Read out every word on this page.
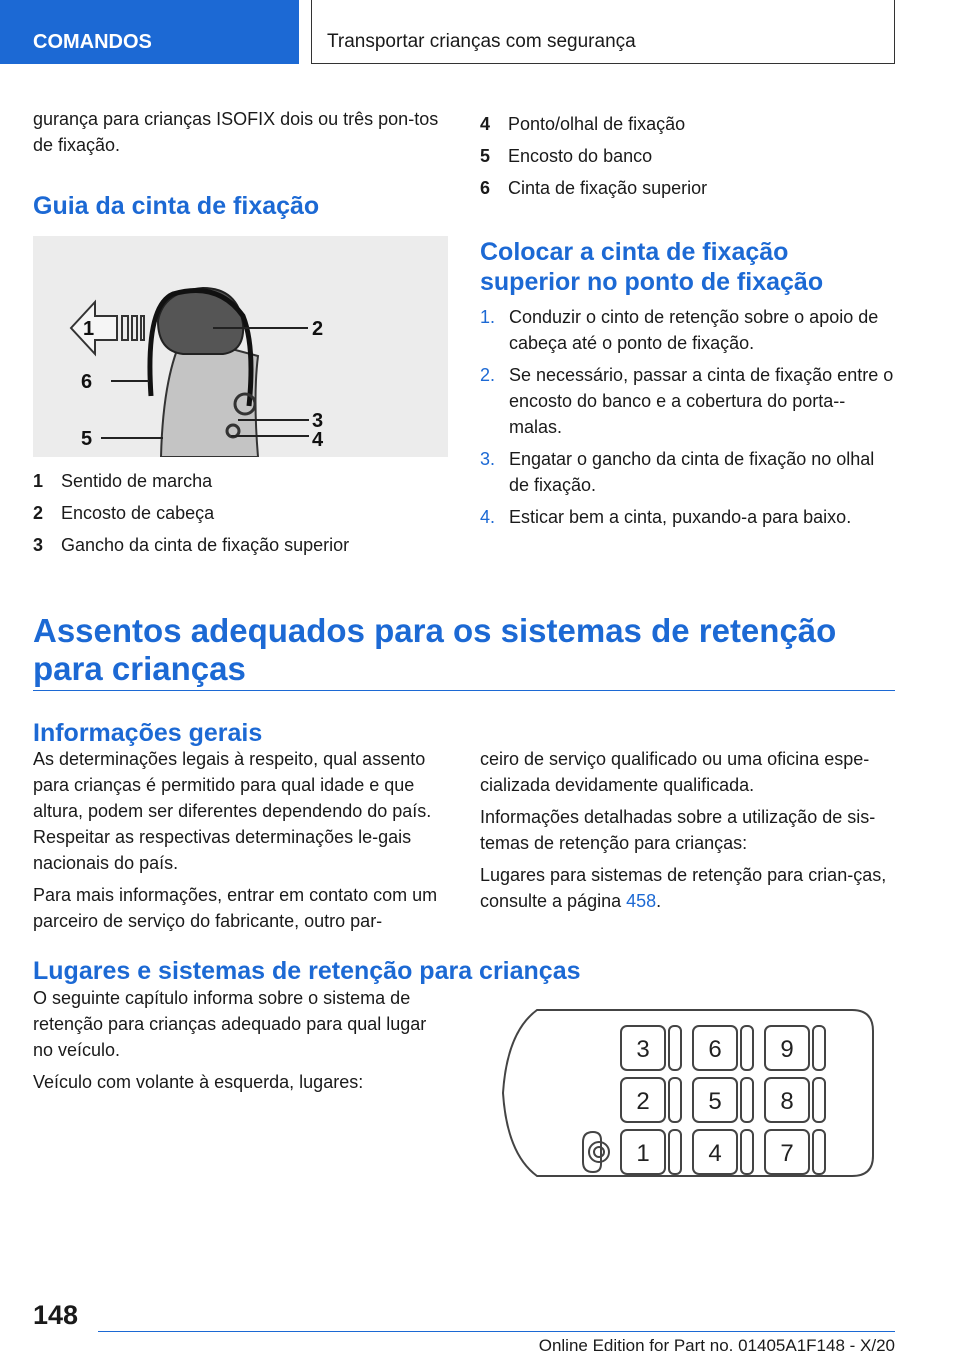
COMANDOS	Transportar crianças com segurança

gurança para crianças ISOFIX dois ou três pon-tos de fixação.

Guia da cinta de fixação
1	2
3
4
5
6
1 Sentido de marcha
2 Encosto de cabeça
3 Gancho da cinta de fixação superior
4 Ponto/olhal de fixação
5 Encosto do banco
6 Cinta de fixação superior
Colocar a cinta de fixação superior no ponto de fixação
1. Conduzir o cinto de retenção sobre o apoio de cabeça até o ponto de fixação.
2. Se necessário, passar a cinta de fixação entre o encosto do banco e a cobertura do porta--malas.
3. Engatar o gancho da cinta de fixação no olhal de fixação.
4. Esticar bem a cinta, puxando-a para baixo.
Assentos adequados para os sistemas de retenção para crianças
Informações gerais

As determinações legais à respeito, qual assento para crianças é permitido para qual idade e que altura, podem ser diferentes dependendo do país. Respeitar as respectivas determinações le-gais nacionais do país.

Para mais informações, entrar em contato com um parceiro de serviço do fabricante, outro par-

ceiro de serviço qualificado ou uma oficina espe-cializada devidamente qualificada.

Informações detalhadas sobre a utilização de sis-temas de retenção para crianças:

Lugares para sistemas de retenção para crian-ças, consulte a página 458.

Lugares e sistemas de retenção para crianças

O seguinte capítulo informa sobre o sistema de retenção para crianças adequado para qual lugar no veículo.

Veículo com volante à esquerda, lugares:

3 6 9
2 5 8
1 4 7
148
Online Edition for Part no. 01405A1F148 - X/20
